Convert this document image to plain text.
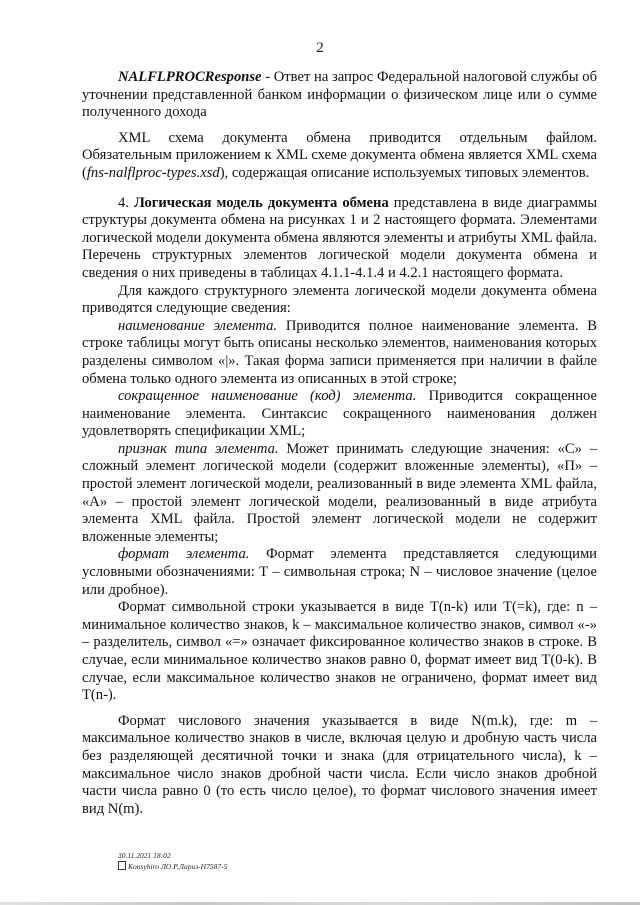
2

NALFLPROCResponse - Ответ на запрос Федеральной налоговой службы об уточнении представленной банком информации о физическом лице или о сумме полученного дохода

XML схема документа обмена приводится отдельным файлом. Обязательным приложением к XML схеме документа обмена является XML схема (fns-nalflproc-types.xsd), содержащая описание используемых типовых элементов.

4. Логическая модель документа обмена представлена в виде диаграммы структуры документа обмена на рисунках 1 и 2 настоящего формата. Элементами логической модели документа обмена являются элементы и атрибуты XML файла. Перечень структурных элементов логической модели документа обмена и сведения о них приведены в таблицах 4.1.1-4.1.4 и 4.2.1 настоящего формата.

Для каждого структурного элемента логической модели документа обмена приводятся следующие сведения:

наименование элемента. Приводится полное наименование элемента. В строке таблицы могут быть описаны несколько элементов, наименования которых разделены символом «|». Такая форма записи применяется при наличии в файле обмена только одного элемента из описанных в этой строке;

сокращенное наименование (код) элемента. Приводится сокращенное наименование элемента. Синтаксис сокращенного наименования должен удовлетворять спецификации XML;

признак типа элемента. Может принимать следующие значения: «С» – сложный элемент логической модели (содержит вложенные элементы), «П» – простой элемент логической модели, реализованный в виде элемента XML файла, «А» – простой элемент логической модели, реализованный в виде атрибута элемента XML файла. Простой элемент логической модели не содержит вложенные элементы;

формат элемента. Формат элемента представляется следующими условными обозначениями: Т – символьная строка; N – числовое значение (целое или дробное).

Формат символьной строки указывается в виде T(n-k) или T(=k), где: n – минимальное количество знаков, k – максимальное количество знаков, символ «-» – разделитель, символ «=» означает фиксированное количество знаков в строке. В случае, если минимальное количество знаков равно 0, формат имеет вид T(0-k). В случае, если максимальное количество знаков не ограничено, формат имеет вид T(n-).

Формат числового значения указывается в виде N(m.k), где: m – максимальное количество знаков в числе, включая целую и дробную часть числа без разделяющей десятичной точки и знака (для отрицательного числа), k – максимальное число знаков дробной части числа. Если число знаков дробной части числа равно 0 (то есть число целое), то формат числового значения имеет вид N(m).

30.11.2021 18:02
Konsyhiro ЛО.Р.Лаpиз-H7587-5
